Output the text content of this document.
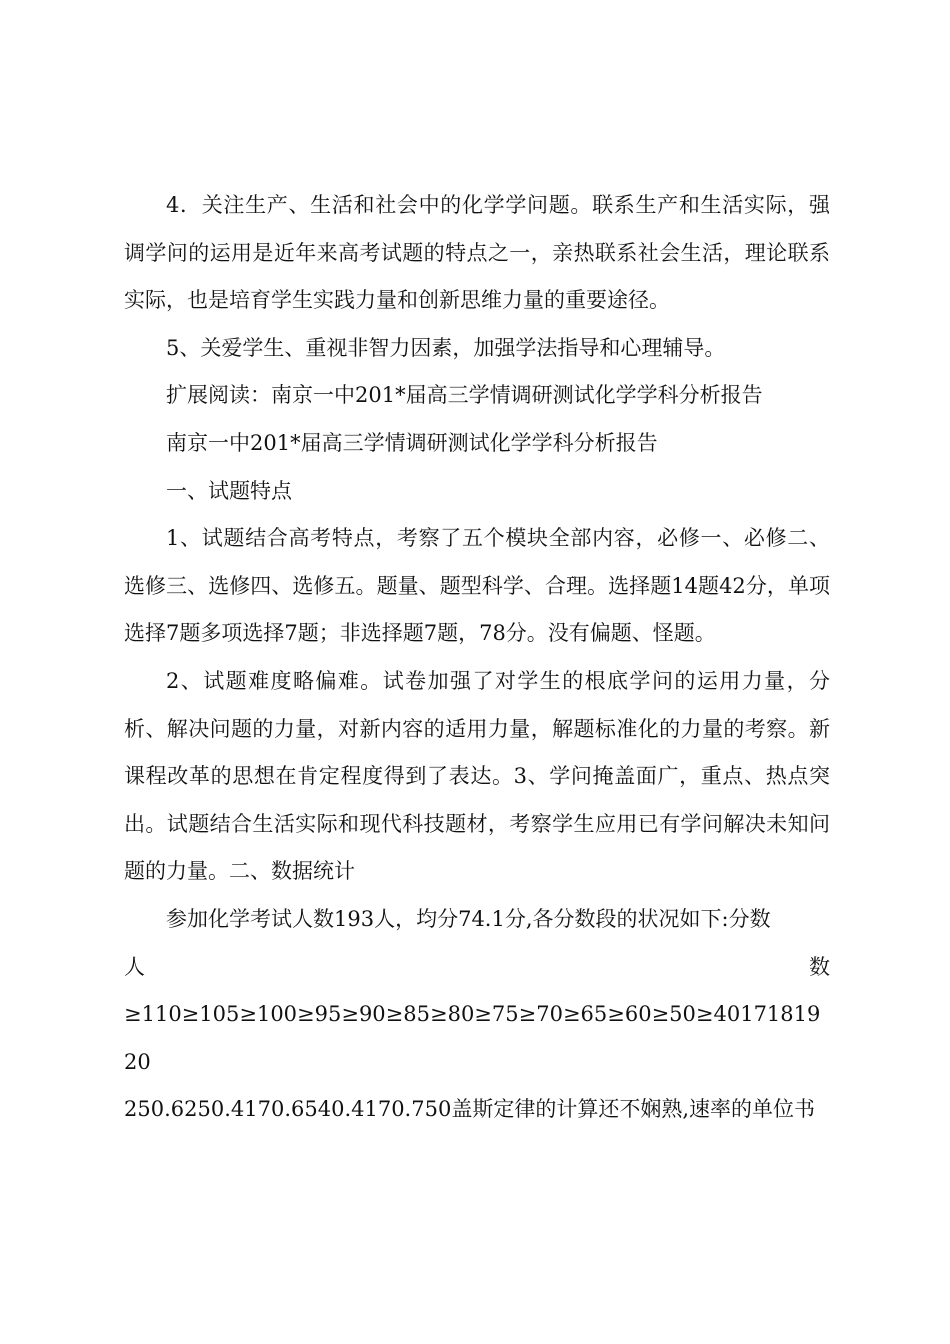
4．关注生产、生活和社会中的化学学问题。联系生产和生活实际，强调学问的运用是近年来高考试题的特点之一，亲热联系社会生活，理论联系实际，也是培育学生实践力量和创新思维力量的重要途径。

5、关爱学生、重视非智力因素，加强学法指导和心理辅导。

扩展阅读：南京一中201*届高三学情调研测试化学学科分析报告

南京一中201*届高三学情调研测试化学学科分析报告

一、试题特点

1、试题结合高考特点，考察了五个模块全部内容，必修一、必修二、选修三、选修四、选修五。题量、题型科学、合理。选择题14题42分，单项选择7题多项选择7题；非选择题7题，78分。没有偏题、怪题。

2、试题难度略偏难。试卷加强了对学生的根底学问的运用力量，分析、解决问题的力量，对新内容的适用力量，解题标准化的力量的考察。新课程改革的思想在肯定程度得到了表达。3、学问掩盖面广，重点、热点突出。试题结合生活实际和现代科技题材，考察学生应用已有学问解决未知问题的力量。二、数据统计

参加化学考试人数193人，均分74.1分,各分数段的状况如下:分数

人 数

≥110≥105≥100≥95≥90≥85≥80≥75≥70≥65≥60≥50≥4017181920

250.6250.4170.6540.4170.750盖斯定律的计算还不娴熟,速率的单位书
